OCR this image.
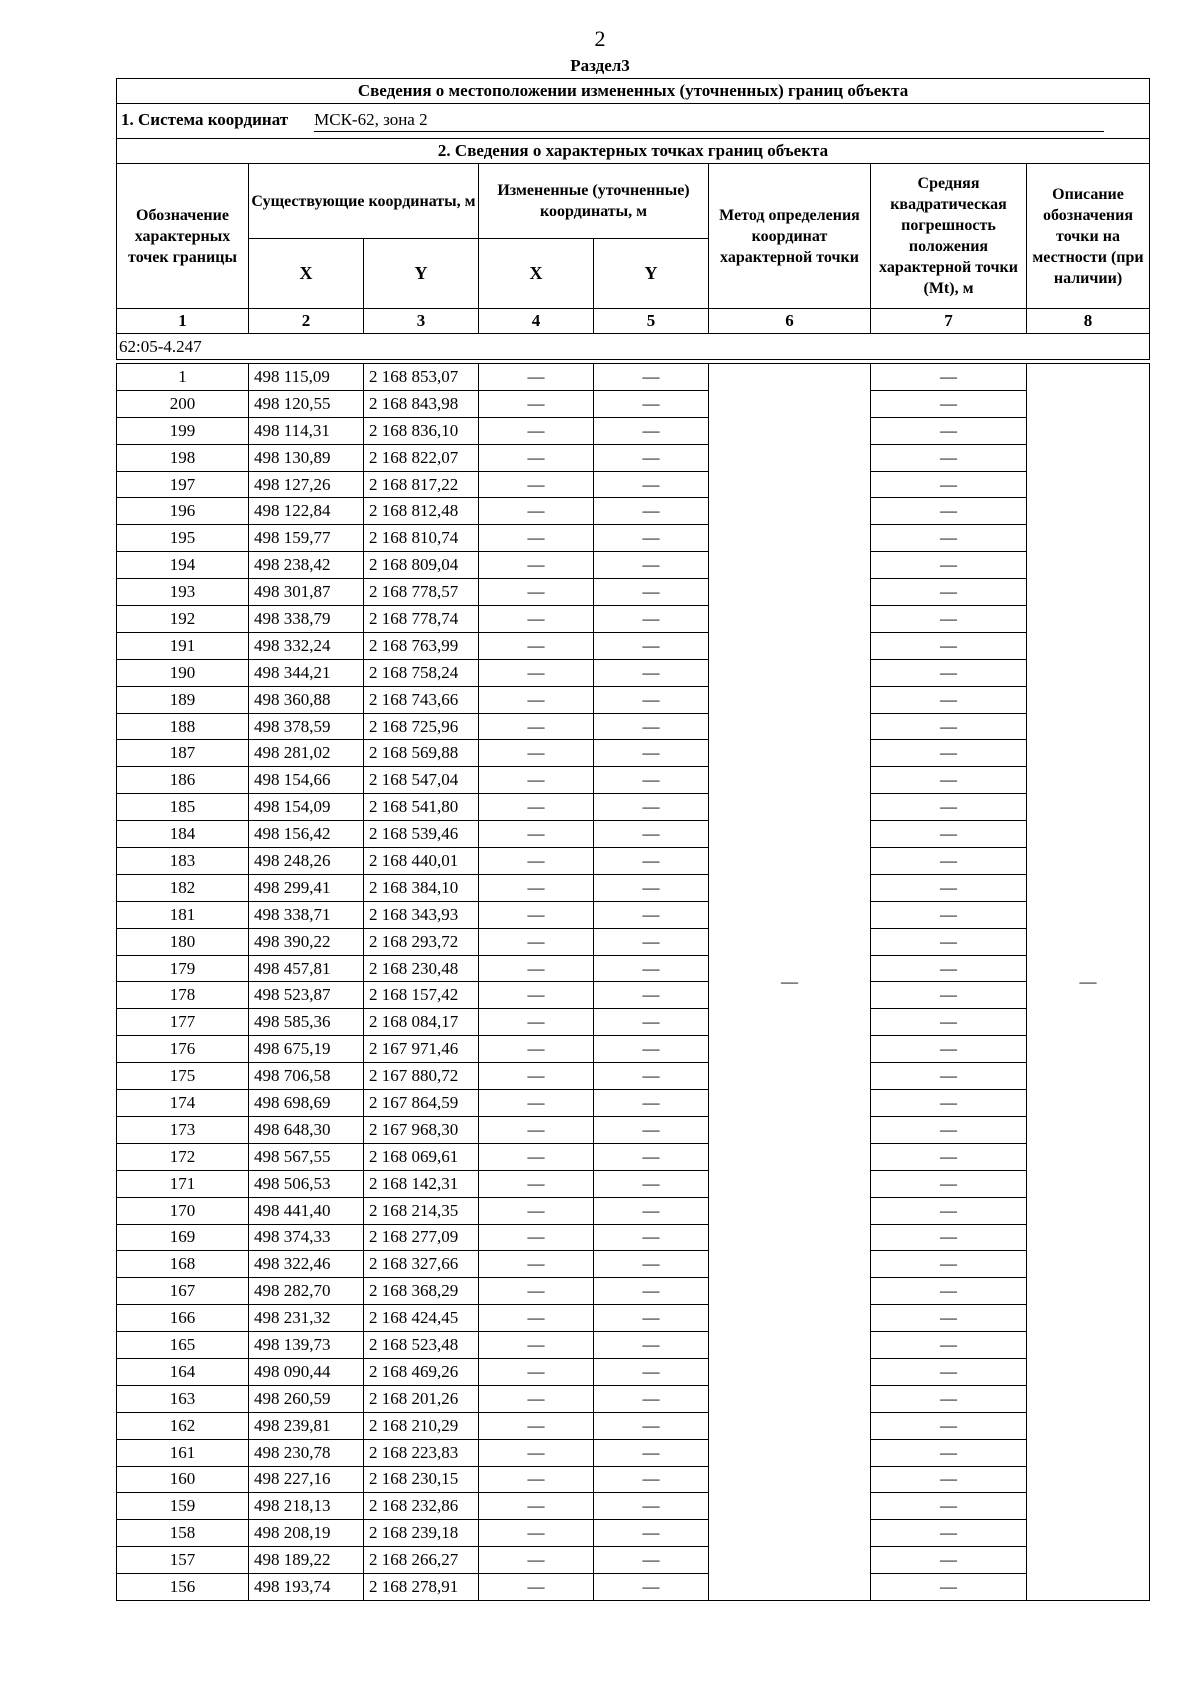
2
Раздел3
Сведения о местоположении измененных (уточненных) границ объекта							
1. Система координат МСК-62, зона 2							
2. Сведения о характерных точках границ объекта							
Обозначение характерных точек границы	Существующие координаты, м		Измененные (уточненные) координаты, м		Метод определения координат характерной точки	Средняя квадратическая погрешность положения характерной точки (Mt), м	Описание обозначения точки на местности (при наличии)
	X	Y	X	Y			
1	2	3	4	5	6	7	8
62:05-4.247							

1	498 115,09	2 168 853,07	—	—	—	—	—
200	498 120,55	2 168 843,98	—	—		—	
199	498 114,31	2 168 836,10	—	—		—	
198	498 130,89	2 168 822,07	—	—		—	
197	498 127,26	2 168 817,22	—	—		—	
196	498 122,84	2 168 812,48	—	—		—	
195	498 159,77	2 168 810,74	—	—		—	
194	498 238,42	2 168 809,04	—	—		—	
193	498 301,87	2 168 778,57	—	—		—	
192	498 338,79	2 168 778,74	—	—		—	
191	498 332,24	2 168 763,99	—	—		—	
190	498 344,21	2 168 758,24	—	—		—	
189	498 360,88	2 168 743,66	—	—		—	
188	498 378,59	2 168 725,96	—	—		—	
187	498 281,02	2 168 569,88	—	—		—	
186	498 154,66	2 168 547,04	—	—		—	
185	498 154,09	2 168 541,80	—	—		—	
184	498 156,42	2 168 539,46	—	—		—	
183	498 248,26	2 168 440,01	—	—		—	
182	498 299,41	2 168 384,10	—	—		—	
181	498 338,71	2 168 343,93	—	—		—	
180	498 390,22	2 168 293,72	—	—		—	
179	498 457,81	2 168 230,48	—	—		—	
178	498 523,87	2 168 157,42	—	—		—	
177	498 585,36	2 168 084,17	—	—		—	
176	498 675,19	2 167 971,46	—	—		—	
175	498 706,58	2 167 880,72	—	—		—	
174	498 698,69	2 167 864,59	—	—		—	
173	498 648,30	2 167 968,30	—	—		—	
172	498 567,55	2 168 069,61	—	—		—	
171	498 506,53	2 168 142,31	—	—		—	
170	498 441,40	2 168 214,35	—	—		—	
169	498 374,33	2 168 277,09	—	—		—	
168	498 322,46	2 168 327,66	—	—		—	
167	498 282,70	2 168 368,29	—	—		—	
166	498 231,32	2 168 424,45	—	—		—	
165	498 139,73	2 168 523,48	—	—		—	
164	498 090,44	2 168 469,26	—	—		—	
163	498 260,59	2 168 201,26	—	—		—	
162	498 239,81	2 168 210,29	—	—		—	
161	498 230,78	2 168 223,83	—	—		—	
160	498 227,16	2 168 230,15	—	—		—	
159	498 218,13	2 168 232,86	—	—		—	
158	498 208,19	2 168 239,18	—	—		—	
157	498 189,22	2 168 266,27	—	—		—	
156	498 193,74	2 168 278,91	—	—		—	
